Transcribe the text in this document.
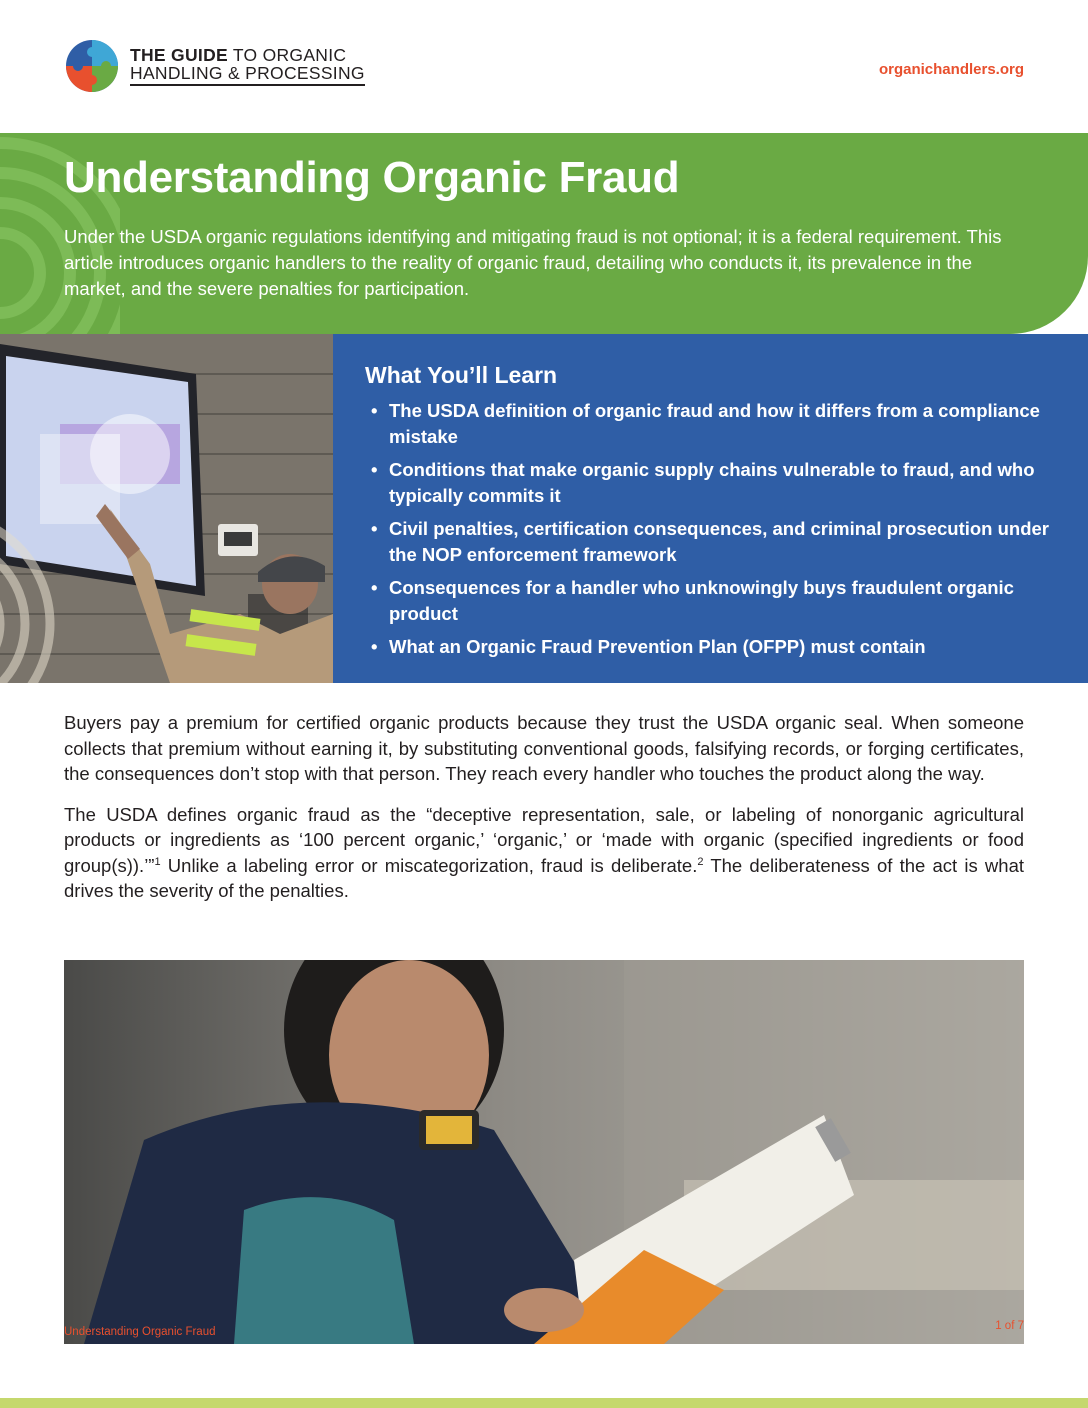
THE GUIDE TO ORGANIC
HANDLING & PROCESSING	organichandlers.org
Understanding Organic Fraud

Under the USDA organic regulations identifying and mitigating fraud is not optional; it is a federal requirement. This article introduces organic handlers to the reality of organic fraud, detailing who conducts it, its prevalence in the market, and the severe penalties for participation.

What You’ll Learn
• The USDA definition of organic fraud and how it differs from a compliance mistake
• Conditions that make organic supply chains vulnerable to fraud, and who typically commits it
• Civil penalties, certification consequences, and criminal prosecution under the NOP enforcement framework
• Consequences for a handler who unknowingly buys fraudulent organic product
• What an Organic Fraud Prevention Plan (OFPP) must contain

Buyers pay a premium for certified organic products because they trust the USDA organic seal. When someone collects that premium without earning it, by substituting conventional goods, falsifying records, or forging certificates, the consequences don’t stop with that person. They reach every handler who touches the product along the way.

The USDA defines organic fraud as the “deceptive representation, sale, or labeling of nonorganic agricultural products or ingredients as ‘100 percent organic,’ ‘organic,’ or ‘made with organic (specified ingredients or food group(s)).’”$^1$ Unlike a labeling error or miscategorization, fraud is deliberate.$^2$ The deliberateness of the act is what drives the severity of the penalties.

Understanding Organic Fraud	1 of 7
